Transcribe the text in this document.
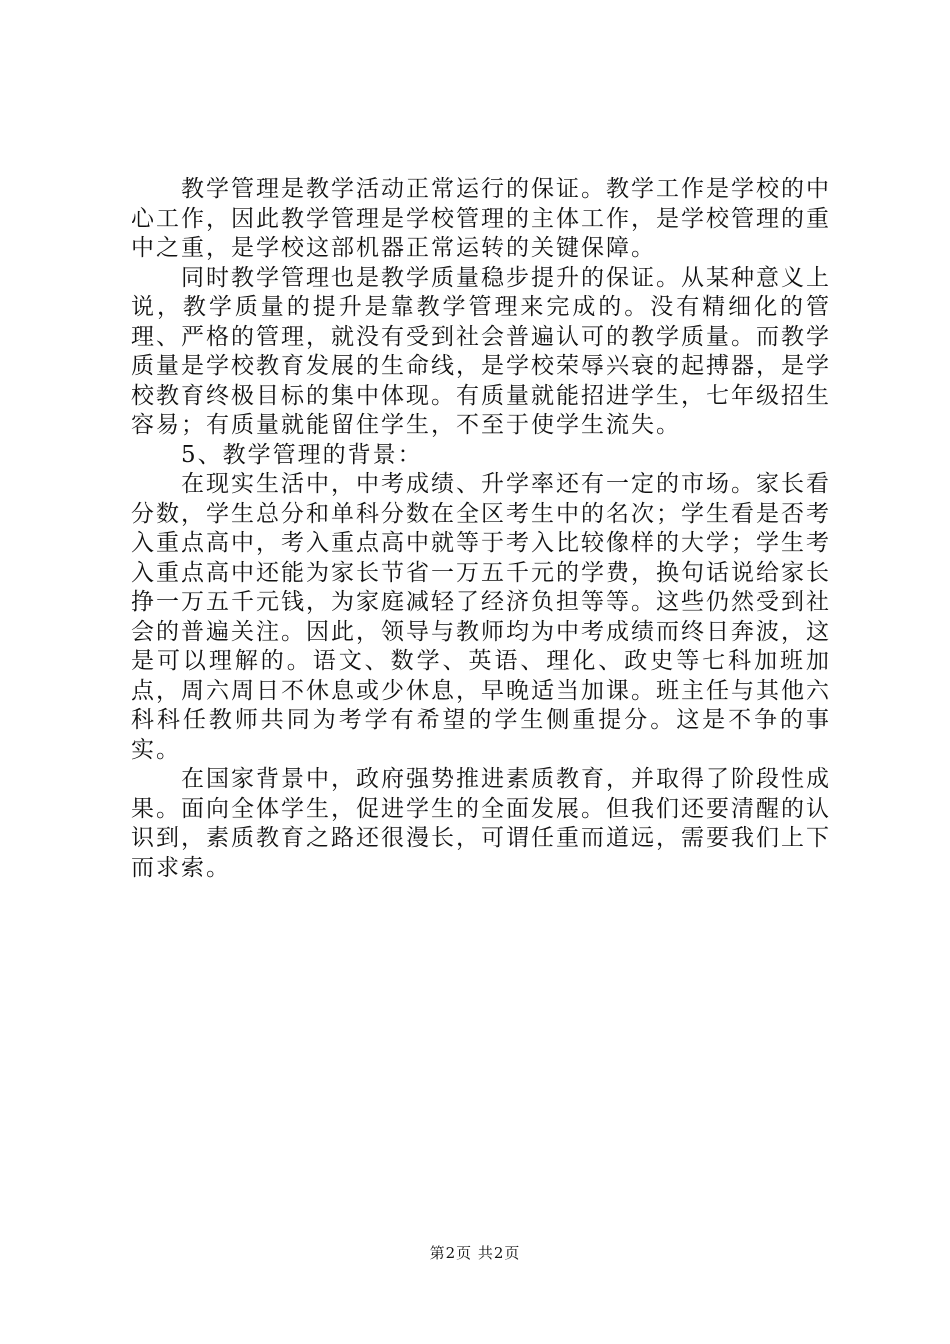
教学管理是教学活动正常运行的保证。教学工作是学校的中心工作，因此教学管理是学校管理的主体工作，是学校管理的重中之重，是学校这部机器正常运转的关键保障。

同时教学管理也是教学质量稳步提升的保证。从某种意义上说，教学质量的提升是靠教学管理来完成的。没有精细化的管理、严格的管理，就没有受到社会普遍认可的教学质量。而教学质量是学校教育发展的生命线，是学校荣辱兴衰的起搏器，是学校教育终极目标的集中体现。有质量就能招进学生，七年级招生容易；有质量就能留住学生，不至于使学生流失。

5、教学管理的背景：

在现实生活中，中考成绩、升学率还有一定的市场。家长看分数，学生总分和单科分数在全区考生中的名次；学生看是否考入重点高中，考入重点高中就等于考入比较像样的大学；学生考入重点高中还能为家长节省一万五千元的学费，换句话说给家长挣一万五千元钱，为家庭减轻了经济负担等等。这些仍然受到社会的普遍关注。因此，领导与教师均为中考成绩而终日奔波，这是可以理解的。语文、数学、英语、理化、政史等七科加班加点，周六周日不休息或少休息，早晚适当加课。班主任与其他六科科任教师共同为考学有希望的学生侧重提分。这是不争的事实。

在国家背景中，政府强势推进素质教育，并取得了阶段性成果。面向全体学生，促进学生的全面发展。但我们还要清醒的认识到，素质教育之路还很漫长，可谓任重而道远，需要我们上下而求索。

第2页 共2页
